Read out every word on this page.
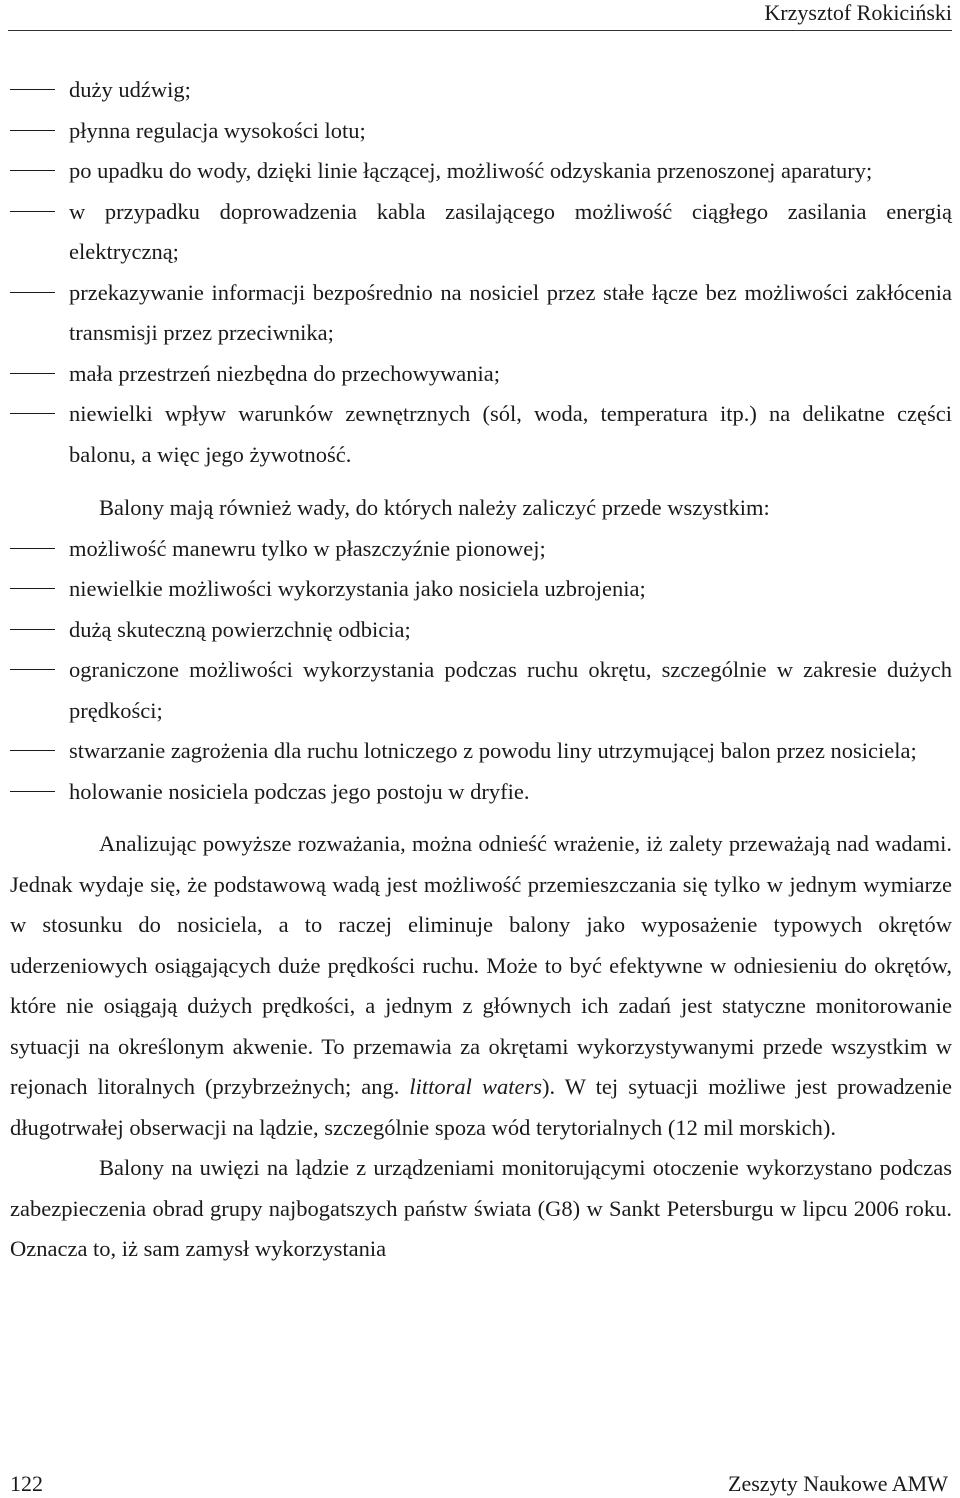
Krzysztof Rokiciński
duży udźwig;
płynna regulacja wysokości lotu;
po upadku do wody, dzięki linie łączącej, możliwość odzyskania przenoszonej aparatury;
w przypadku doprowadzenia kabla zasilającego możliwość ciągłego zasilania energią elektryczną;
przekazywanie informacji bezpośrednio na nosiciel przez stałe łącze bez możliwości zakłócenia transmisji przez przeciwnika;
mała przestrzeń niezbędna do przechowywania;
niewielki wpływ warunków zewnętrznych (sól, woda, temperatura itp.) na delikatne części balonu, a więc jego żywotność.

Balony mają również wady, do których należy zaliczyć przede wszystkim:

możliwość manewru tylko w płaszczyźnie pionowej;
niewielkie możliwości wykorzystania jako nosiciela uzbrojenia;
dużą skuteczną powierzchnię odbicia;
ograniczone możliwości wykorzystania podczas ruchu okrętu, szczególnie w zakresie dużych prędkości;
stwarzanie zagrożenia dla ruchu lotniczego z powodu liny utrzymującej balon przez nosiciela;
holowanie nosiciela podczas jego postoju w dryfie.

Analizując powyższe rozważania, można odnieść wrażenie, iż zalety przeważają nad wadami. Jednak wydaje się, że podstawową wadą jest możliwość przemieszczania się tylko w jednym wymiarze w stosunku do nosiciela, a to raczej eliminuje balony jako wyposażenie typowych okrętów uderzeniowych osiągających duże prędkości ruchu. Może to być efektywne w odniesieniu do okrętów, które nie osiągają dużych prędkości, a jednym z głównych ich zadań jest statyczne monitorowanie sytuacji na określonym akwenie. To przemawia za okrętami wykorzystywanymi przede wszystkim w rejonach litoralnych (przybrzeżnych; ang. littoral waters). W tej sytuacji możliwe jest prowadzenie długotrwałej obserwacji na lądzie, szczególnie spoza wód terytorialnych (12 mil morskich).

Balony na uwięzi na lądzie z urządzeniami monitorującymi otoczenie wykorzystano podczas zabezpieczenia obrad grupy najbogatszych państw świata (G8) w Sankt Petersburgu w lipcu 2006 roku. Oznacza to, iż sam zamysł wykorzystania

122	Zeszyty Naukowe AMW
